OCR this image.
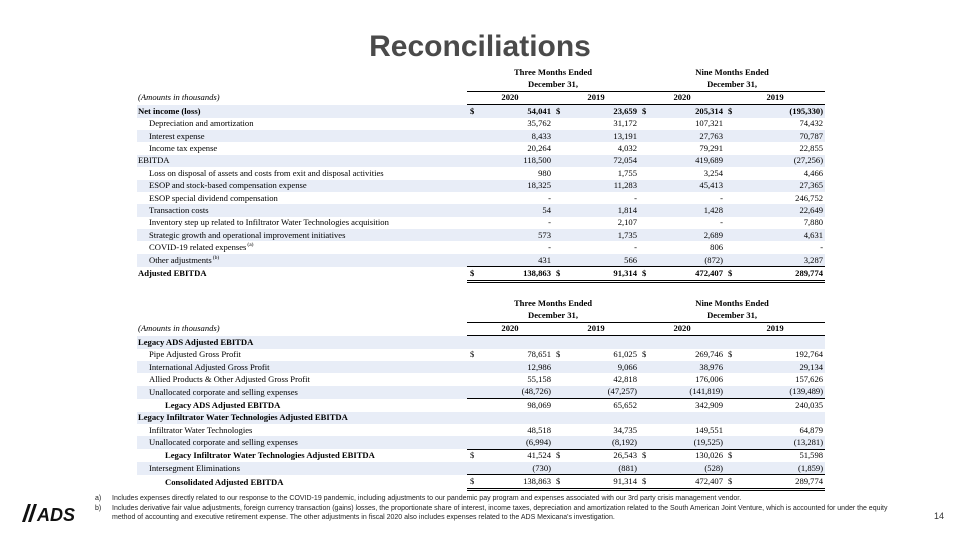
Reconciliations
	Three Months Ended				Nine Months Ended			
	December 31,				December 31,			
(Amounts in thousands)	2020		2019		2020		2019	
Net income (loss)	$	54,041	$	23,659	$	205,314	$	(195,330)
Depreciation and amortization		35,762		31,172		107,321		74,432
Interest expense		8,433		13,191		27,763		70,787
Income tax expense		20,264		4,032		79,291		22,855
EBITDA		118,500		72,054		419,689		(27,256)
Loss on disposal of assets and costs from exit and disposal activities		980		1,755		3,254		4,466
ESOP and stock-based compensation expense		18,325		11,283		45,413		27,365
ESOP special dividend compensation		-		-		-		246,752
Transaction costs		54		1,814		1,428		22,649
Inventory step up related to Infiltrator Water Technologies acquisition		-		2,107		-		7,880
Strategic growth and operational improvement initiatives		573		1,735		2,689		4,631
COVID-19 related expenses$^{(a)}$		-		-		806		-
Other adjustments$^{(b)}$		431		566		(872)		3,287
Adjusted EBITDA	$	138,863	$	91,314	$	472,407	$	289,774
	Three Months Ended				Nine Months Ended			
	December 31,				December 31,			
(Amounts in thousands)	2020		2019		2020		2019	
Legacy ADS Adjusted EBITDA								
Pipe Adjusted Gross Profit	$	78,651	$	61,025	$	269,746	$	192,764
International Adjusted Gross Profit		12,986		9,066		38,976		29,134
Allied Products & Other Adjusted Gross Profit		55,158		42,818		176,006		157,626
Unallocated corporate and selling expenses		(48,726)		(47,257)		(141,819)		(139,489)
Legacy ADS Adjusted EBITDA		98,069		65,652		342,909		240,035
Legacy Infiltrator Water Technologies Adjusted EBITDA								
Infiltrator Water Technologies		48,518		34,735		149,551		64,879
Unallocated corporate and selling expenses		(6,994)		(8,192)		(19,525)		(13,281)
Legacy Infiltrator Water Technologies Adjusted EBITDA	$	41,524	$	26,543	$	130,026	$	51,598
Intersegment Eliminations		(730)		(881)		(528)		(1,859)
Consolidated Adjusted EBITDA	$	138,863	$	91,314	$	472,407	$	289,774
a) Includes expenses directly related to our response to the COVID-19 pandemic, including adjustments to our pandemic pay program and expenses associated with our 3rd party crisis management vendor.
b) Includes derivative fair value adjustments, foreign currency transaction (gains) losses, the proportionate share of interest, income taxes, depreciation and amortization related to the South American Joint Venture, which is accounted for under the equity method of accounting and executive retirement expense. The other adjustments in fiscal 2020 also includes expenses related to the ADS Mexicana's investigation.
ADS	14
